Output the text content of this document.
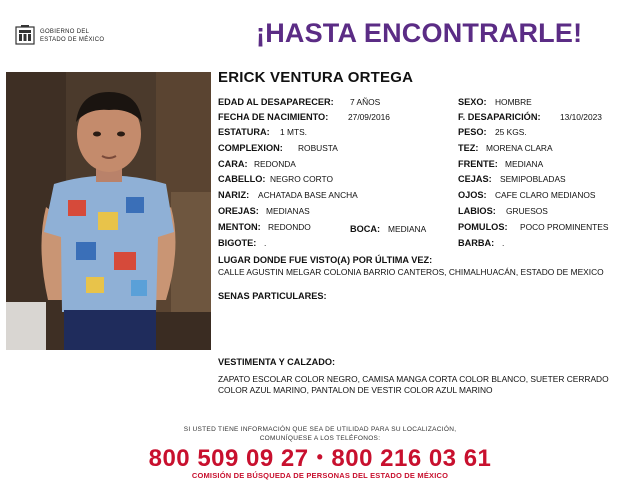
GOBIERNO DEL
ESTADO DE MÉXICO	¡HASTA ENCONTRARLE!
ERICK VENTURA ORTEGA
EDAD AL DESAPARECER: 7 AÑOS
FECHA DE NACIMIENTO: 27/09/2016
ESTATURA: 1 MTS.
COMPLEXION: ROBUSTA
CARA: REDONDA
CABELLO: NEGRO CORTO
NARIZ: ACHATADA BASE ANCHA
OREJAS: MEDIANAS
MENTON: REDONDO
BIGOTE: .
BOCA: MEDIANA
SEXO: HOMBRE
F. DESAPARICIÓN: 13/10/2023
PESO: 25 KGS.
TEZ: MORENA CLARA
FRENTE: MEDIANA
CEJAS: SEMIPOBLADAS
OJOS: CAFE CLARO MEDIANOS
LABIOS: GRUESOS
POMULOS: POCO PROMINENTES
BARBA: .
LUGAR DONDE FUE VISTO(A) POR ÚLTIMA VEZ:
CALLE AGUSTIN MELGAR COLONIA BARRIO CANTEROS, CHIMALHUACÁN, ESTADO DE MEXICO
SENAS PARTICULARES:
VESTIMENTA Y CALZADO:
ZAPATO ESCOLAR COLOR NEGRO, CAMISA MANGA CORTA COLOR BLANCO, SUETER CERRADO COLOR AZUL MARINO, PANTALON DE VESTIR COLOR AZUL MARINO
SI USTED TIENE INFORMACIÓN QUE SEA DE UTILIDAD PARA SU LOCALIZACIÓN,
COMUNÍQUESE A LOS TELÉFONOS:
800 509 09 27 • 800 216 03 61
COMISIÓN DE BÚSQUEDA DE PERSONAS DEL ESTADO DE MÉXICO
